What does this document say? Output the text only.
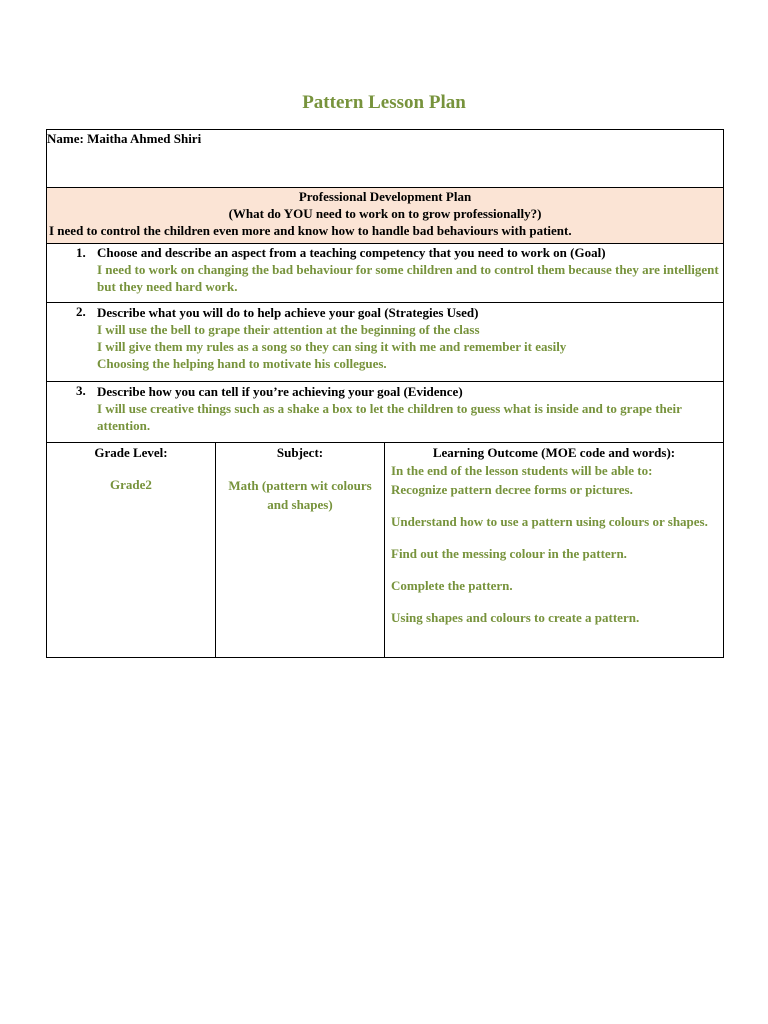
Pattern Lesson Plan
Name: Maitha Ahmed Shiri

Professional Development Plan
(What do YOU need to work on to grow professionally?)
I need to control the children even more and know how to handle bad behaviours with patient.

1. Choose and describe an aspect from a teaching competency that you need to work on (Goal)
I need to work on changing the bad behaviour for some children and to control them because they are intelligent but they need hard work.

2. Describe what you will do to help achieve your goal (Strategies Used)
I will use the bell to grape their attention at the beginning of the class
I will give them my rules as a song so they can sing it with me and remember it easily
Choosing the helping hand to motivate his collegues.

3. Describe how you can tell if you’re achieving your goal (Evidence)
I will use creative things such as a shake a box to let the children to guess what is inside and to grape their attention.

Grade Level:
Grade2

Subject:
Math (pattern wit colours and shapes)

Learning Outcome (MOE code and words):
In the end of the lesson students will be able to:
Recognize pattern decree forms or pictures.
Understand how to use a pattern using colours or shapes.
Find out the messing colour in the pattern.
Complete the pattern.
Using shapes and colours to create a pattern.
